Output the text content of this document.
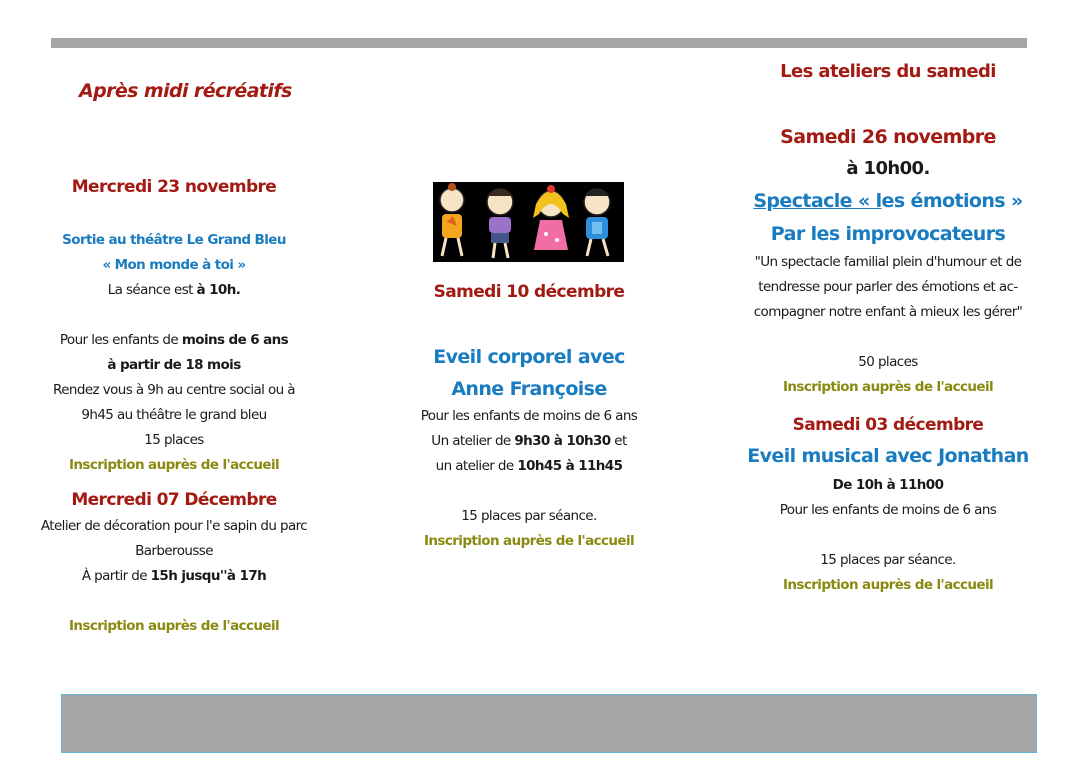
Après midi récréatifs

Mercredi 23 novembre

Sortie au théâtre Le Grand Bleu

« Mon monde à toi »

La séance est à 10h.

Pour les enfants de moins de 6 ans

à partir de 18 mois

Rendez vous à 9h au centre social ou à

9h45 au théâtre le grand bleu

15 places

Inscription auprès de l'accueil

Mercredi 07 Décembre

Atelier de décoration pour l'e sapin du parc

Barberousse

À partir de 15h jusqu''à 17h

Inscription auprès de l'accueil

Samedi 10 décembre

Eveil corporel avec

Anne Françoise

Pour les enfants de moins de 6 ans

Un atelier de 9h30 à 10h30 et

un atelier de 10h45 à 11h45

15 places par séance.

Inscription auprès de l'accueil

Les ateliers du samedi

Samedi 26 novembre

à 10h00.

Spectacle « les émotions »

Par les improvocateurs

"Un spectacle familial plein d'humour et de

tendresse pour parler des émotions et ac-

compagner notre enfant à mieux les gérer"

50 places

Inscription auprès de l'accueil

Samedi 03 décembre

Eveil musical avec Jonathan

De 10h à 11h00

Pour les enfants de moins de 6 ans

15 places par séance.

Inscription auprès de l'accueil
